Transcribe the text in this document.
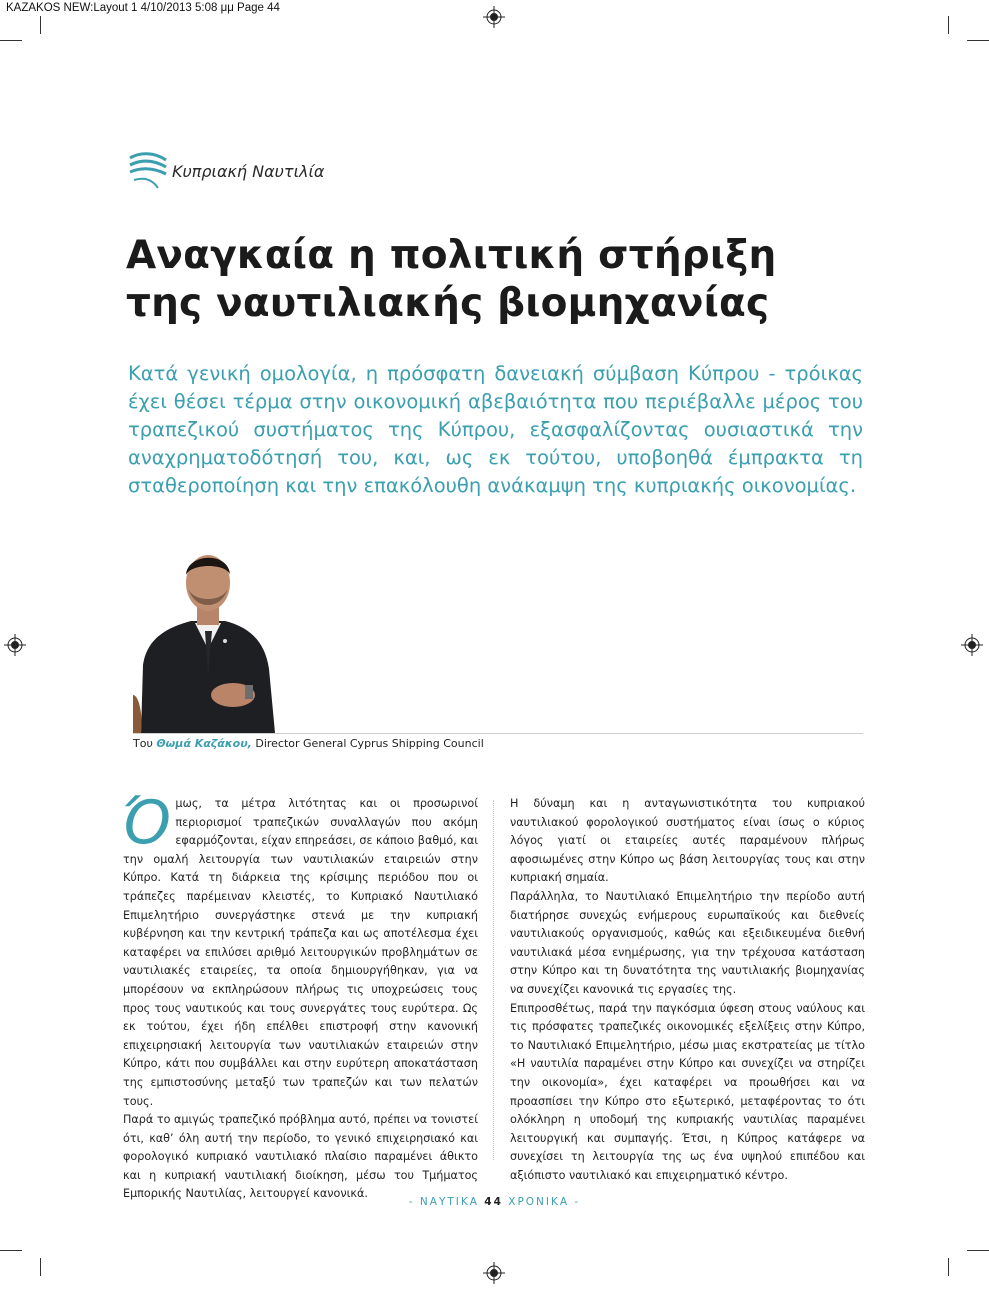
KAZAKOS NEW:Layout 1 4/10/2013 5:08 μμ Page 44
Κυπριακή Ναυτιλία
Αναγκαία η πολιτική στήριξη
της ναυτιλιακής βιομηχανίας

Κατά γενική ομολογία, η πρόσφατη δανειακή σύμβαση Κύπρου - τρόικας έχει θέσει τέρμα στην οικονομική αβεβαιότητα που περιέβαλλε μέρος του τραπεζικού συστήματος της Κύπρου, εξασφαλίζοντας ουσιαστικά την αναχρηματοδότησή του, και, ως εκ τούτου, υποβοηθά έμπρακτα τη σταθεροποίηση και την επακόλουθη ανάκαμψη της κυπριακής οικονομίας.

Του Θωμά Καζάκου, Director General Cyprus Shipping Council
Ό μως, τα μέτρα λιτότητας και οι προσωρινοί περιορισμοί τραπεζικών συναλλαγών που ακόμη εφαρμόζονται, είχαν επηρεάσει, σε κάποιο βαθμό, και την ομαλή λειτουργία των ναυτιλιακών εταιρειών στην Κύπρο. Κατά τη διάρκεια της κρίσιμης περιόδου που οι τράπεζες παρέμειναν κλειστές, το Κυπριακό Ναυτιλιακό Επιμελητήριο συνεργάστηκε στενά με την κυπριακή κυβέρνηση και την κεντρική τράπεζα και ως αποτέλεσμα έχει καταφέρει να επιλύσει αριθμό λειτουργικών προβλημάτων σε ναυτιλιακές εταιρείες, τα οποία δημιουργήθηκαν, για να μπορέσουν να εκπληρώσουν πλήρως τις υποχρεώσεις τους προς τους ναυτικούς και τους συνεργάτες τους ευρύτερα. Ως εκ τούτου, έχει ήδη επέλθει επιστροφή στην κανονική επιχειρησιακή λειτουργία των ναυτιλιακών εταιρειών στην Κύπρο, κάτι που συμβάλλει και στην ευρύτερη αποκατάσταση της εμπιστοσύνης μεταξύ των τραπεζών και των πελατών τους.

Παρά το αμιγώς τραπεζικό πρόβλημα αυτό, πρέπει να τονιστεί ότι, καθ’ όλη αυτή την περίοδο, το γενικό επιχειρησιακό και φορολογικό κυπριακό ναυτιλιακό πλαίσιο παραμένει άθικτο και η κυπριακή ναυτιλιακή διοίκηση, μέσω του Τμήματος Εμπορικής Ναυτιλίας, λειτουργεί κανονικά.

Η δύναμη και η ανταγωνιστικότητα του κυπριακού ναυτιλιακού φορολογικού συστήματος είναι ίσως ο κύριος λόγος γιατί οι εταιρείες αυτές παραμένουν πλήρως αφοσιωμένες στην Κύπρο ως βάση λειτουργίας τους και στην κυπριακή σημαία.

Παράλληλα, το Ναυτιλιακό Επιμελητήριο την περίοδο αυτή διατήρησε συνεχώς ενήμερους ευρωπαϊκούς και διεθνείς ναυτιλιακούς οργανισμούς, καθώς και εξειδικευμένα διεθνή ναυτιλιακά μέσα ενημέρωσης, για την τρέχουσα κατάσταση στην Κύπρο και τη δυνατότητα της ναυτιλιακής βιομηχανίας να συνεχίζει κανονικά τις εργασίες της.

Επιπροσθέτως, παρά την παγκόσμια ύφεση στους ναύλους και τις πρόσφατες τραπεζικές οικονομικές εξελίξεις στην Κύπρο, το Ναυτιλιακό Επιμελητήριο, μέσω μιας εκστρατείας με τίτλο «Η ναυτιλία παραμένει στην Κύπρο και συνεχίζει να στηρίζει την οικονομία», έχει καταφέρει να προωθήσει και να προασπίσει την Κύπρο στο εξωτερικό, μεταφέροντας το ότι ολόκληρη η υποδομή της κυπριακής ναυτιλίας παραμένει λειτουργική και συμπαγής. Έτσι, η Κύπρος κατάφερε να συνεχίσει τη λειτουργία της ως ένα υψηλού επιπέδου και αξιόπιστο ναυτιλιακό και επιχειρηματικό κέντρο.

- ΝΑΥΤΙΚΑ 44 ΧΡΟΝΙΚΑ -
